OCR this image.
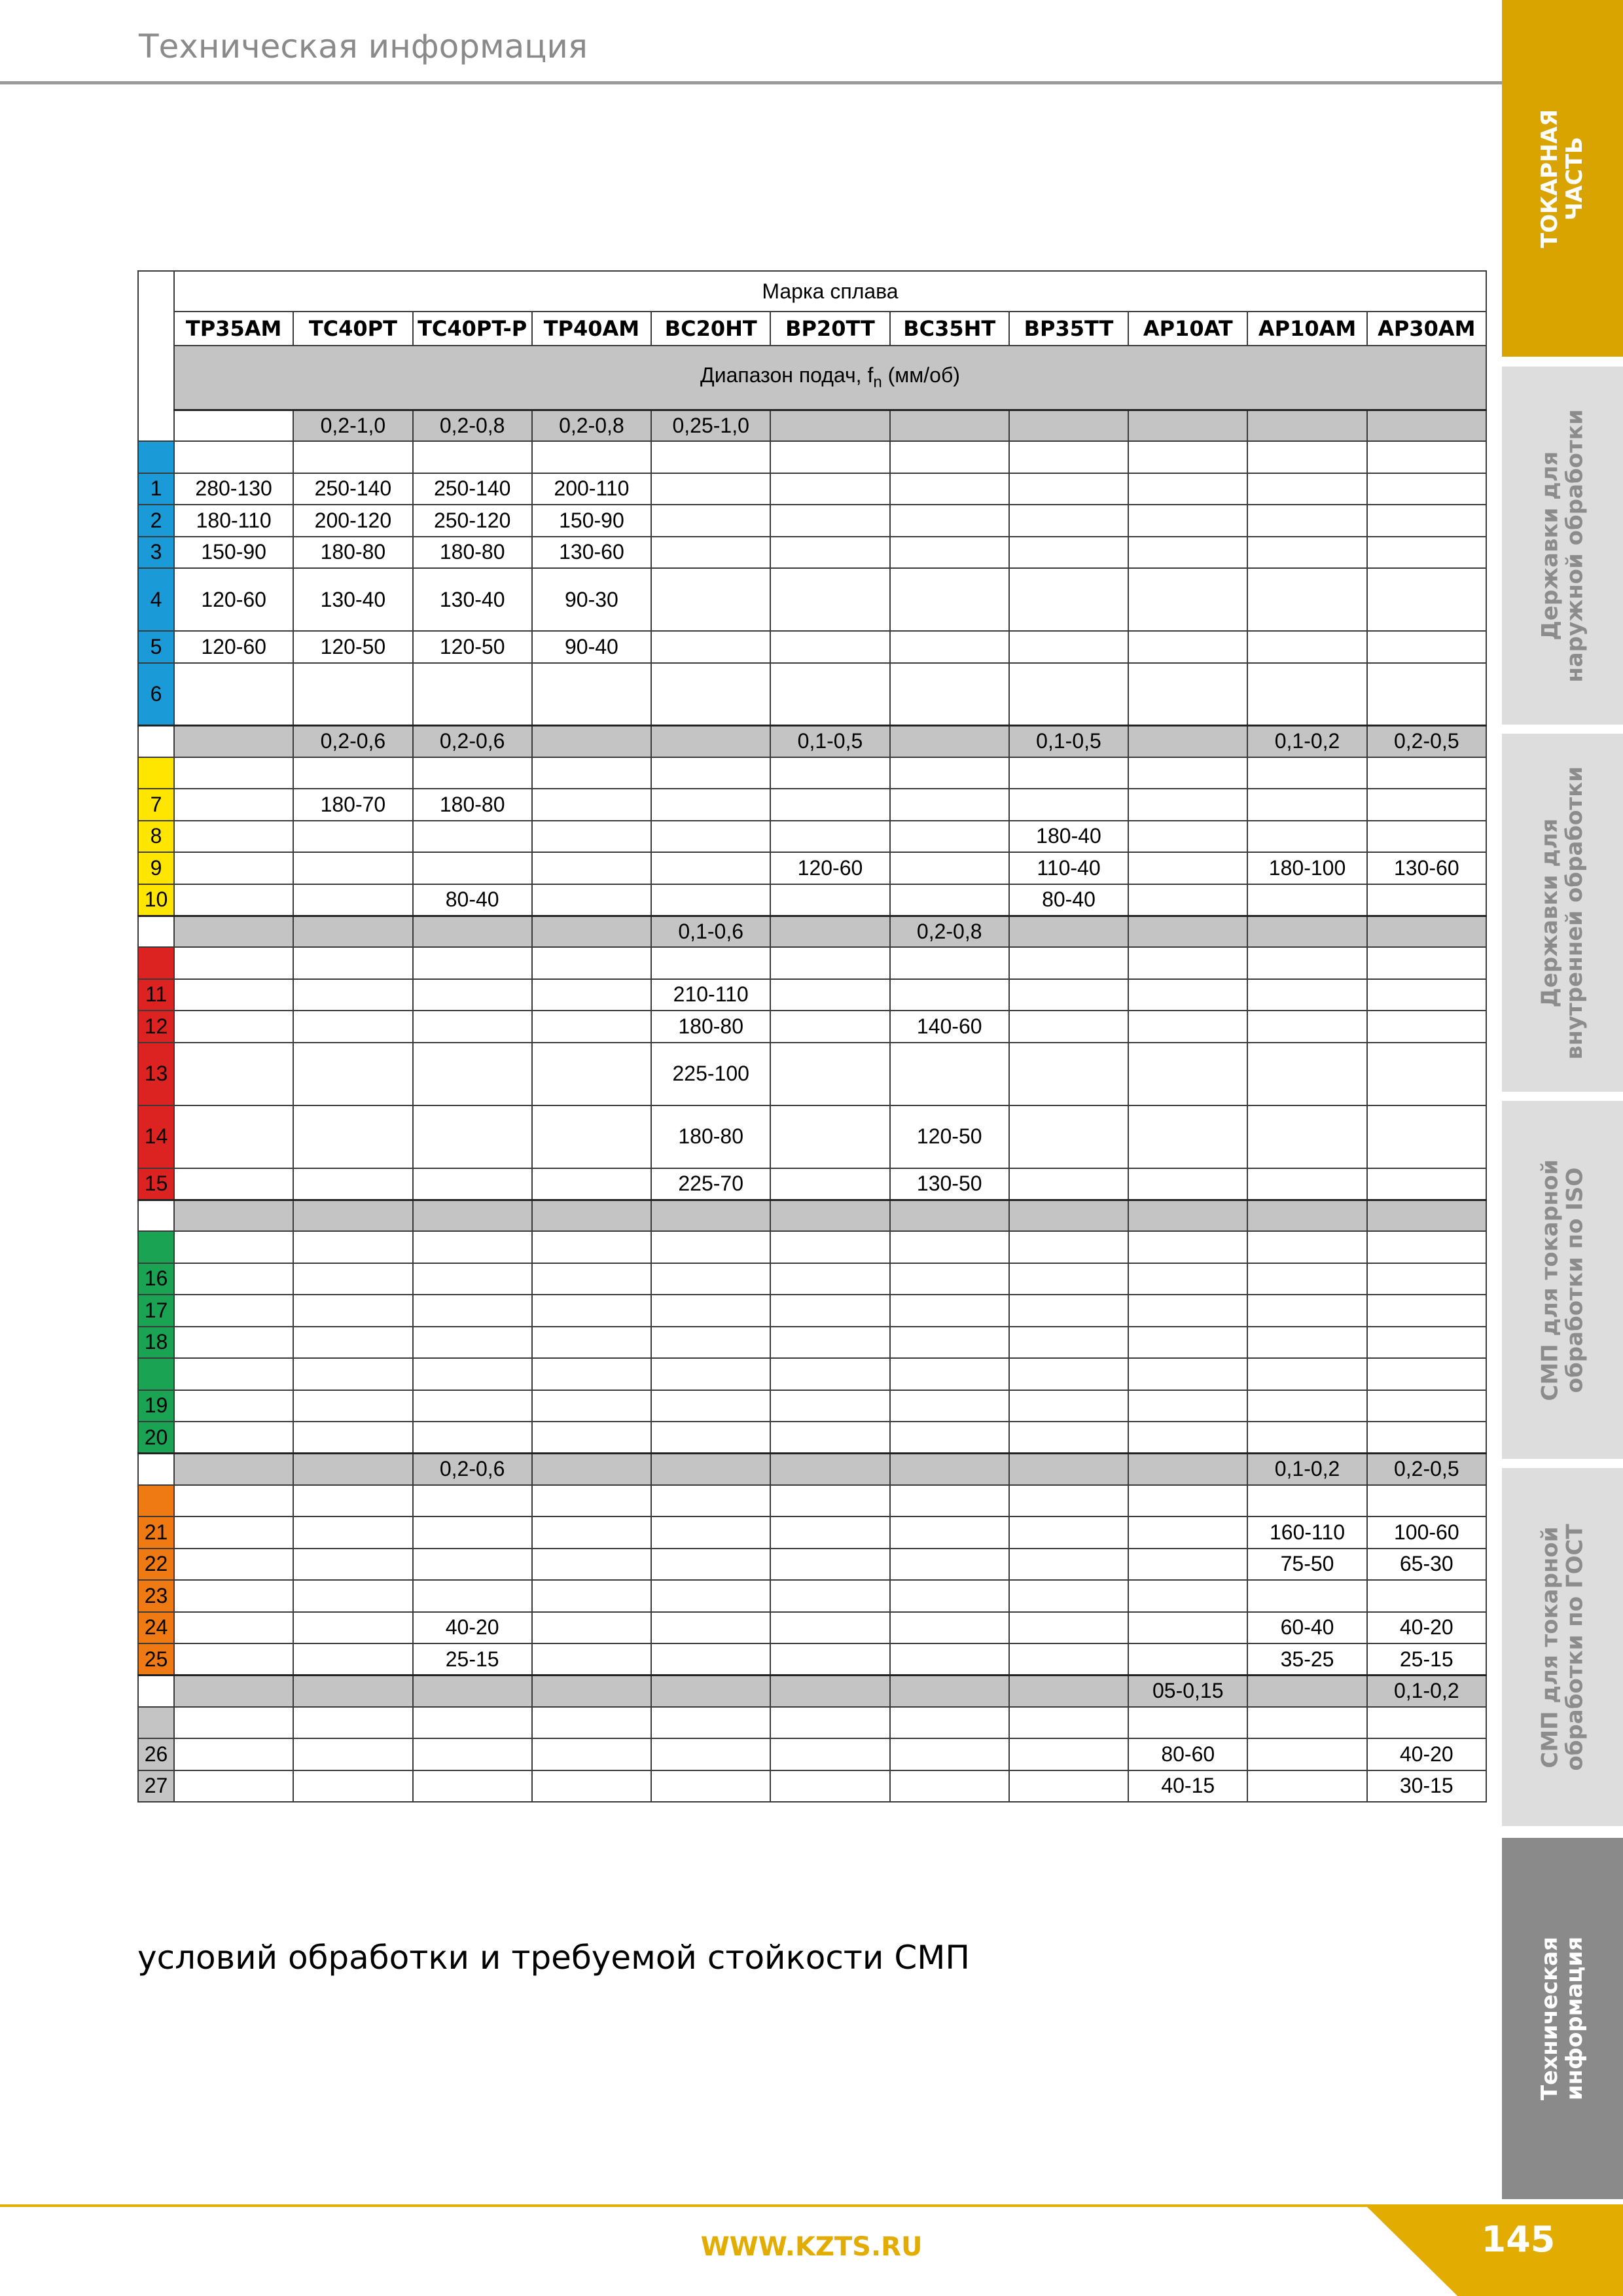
Техническая информация
ТОКАРНАЯ
ЧАСТЬ
Державки для
наружной обработки
Державки для
внутренней обработки
СМП для токарной
обработки по ISO
СМП для токарной
обработки по ГОСТ
Техническая
информация
	Марка сплава											
	TP35AM	TC40PT	TC40PT-P	TP40AM	BC20HT	BP20TT	BC35HT	BP35TT	AP10AT	AP10AM	AP30AM	
	Диапазон подач, $f_n$ (мм/об)											
		0,2-1,0	0,2-0,8	0,2-0,8	0,25-1,0							

1	280-130	250-140	250-140	200-110								
2	180-110	200-120	250-120	150-90								
3	150-90	180-80	180-80	130-60								
4	120-60	130-40	130-40	90-30								
5	120-60	120-50	120-50	90-40								
6												
		0,2-0,6	0,2-0,6			0,1-0,5		0,1-0,5		0,1-0,2	0,2-0,5	

7		180-70	180-80									
8								180-40				
9						120-60		110-40		180-100	130-60	
10			80-40					80-40				
					0,1-0,6		0,2-0,8					

11					210-110							
12					180-80		140-60					
13					225-100							
14					180-80		120-50					
15					225-70		130-50					

16												
17												
18												

19												
20												
			0,2-0,6							0,1-0,2	0,2-0,5	

21										160-110	100-60	
22										75-50	65-30	
23												
24			40-20							60-40	40-20	
25			25-15							35-25	25-15	
									05-0,15		0,1-0,2	

26									80-60		40-20	
27									40-15		30-15	
условий обработки и требуемой стойкости СМП
145
WWW.KZTS.RU
